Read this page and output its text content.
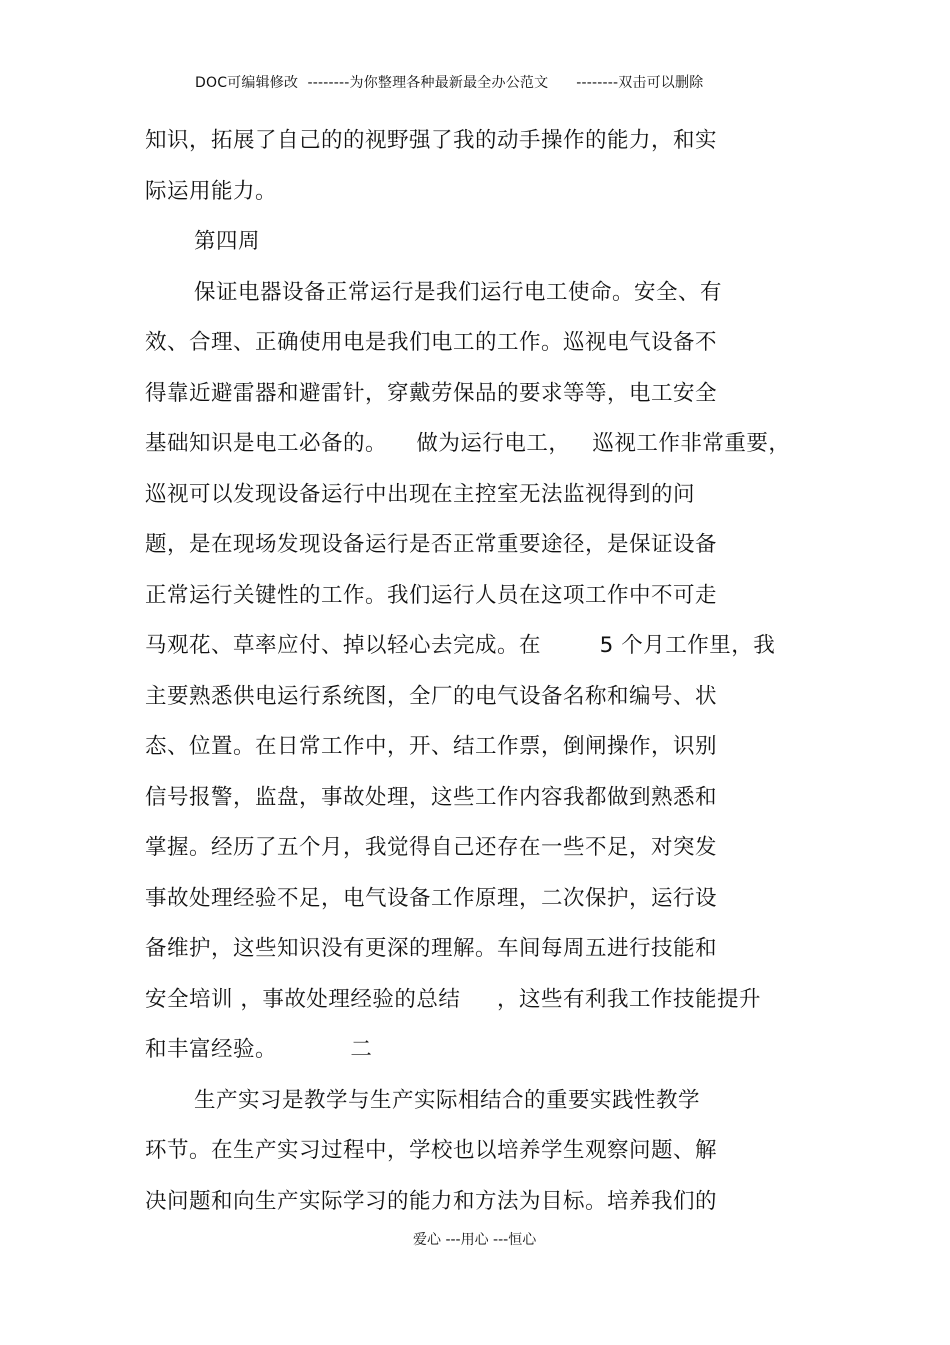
DOC可编辑修改  --------为你整理各种最新最全办公范文      --------双击可以删除
知识，拓展了自己的的视野强了我的动手操作的能力，和实
际运用能力。
第四周
保证电器设备正常运行是我们运行电工使命。安全、有
效、合理、正确使用电是我们电工的工作。巡视电气设备不
得靠近避雷器和避雷针，穿戴劳保品的要求等等，电工安全
基础知识是电工必备的。    做为运行电工，   巡视工作非常重要，
巡视可以发现设备运行中出现在主控室无法监视得到的问
题，是在现场发现设备运行是否正常重要途径，是保证设备
正常运行关键性的工作。我们运行人员在这项工作中不可走
马观花、草率应付、掉以轻心去完成。在        5 个月工作里，我
主要熟悉供电运行系统图，全厂的电气设备名称和编号、状
态、位置。在日常工作中，开、结工作票，倒闸操作，识别
信号报警，监盘，事故处理，这些工作内容我都做到熟悉和
掌握。经历了五个月，我觉得自己还存在一些不足，对突发
事故处理经验不足，电气设备工作原理，二次保护，运行设
备维护，这些知识没有更深的理解。车间每周五进行技能和
安全培训 ，事故处理经验的总结     ，这些有利我工作技能提升
和丰富经验。          二
生产实习是教学与生产实际相结合的重要实践性教学
环节。在生产实习过程中，学校也以培养学生观察问题、解
决问题和向生产实际学习的能力和方法为目标。培养我们的
爱心 ---用心 ---恒心
